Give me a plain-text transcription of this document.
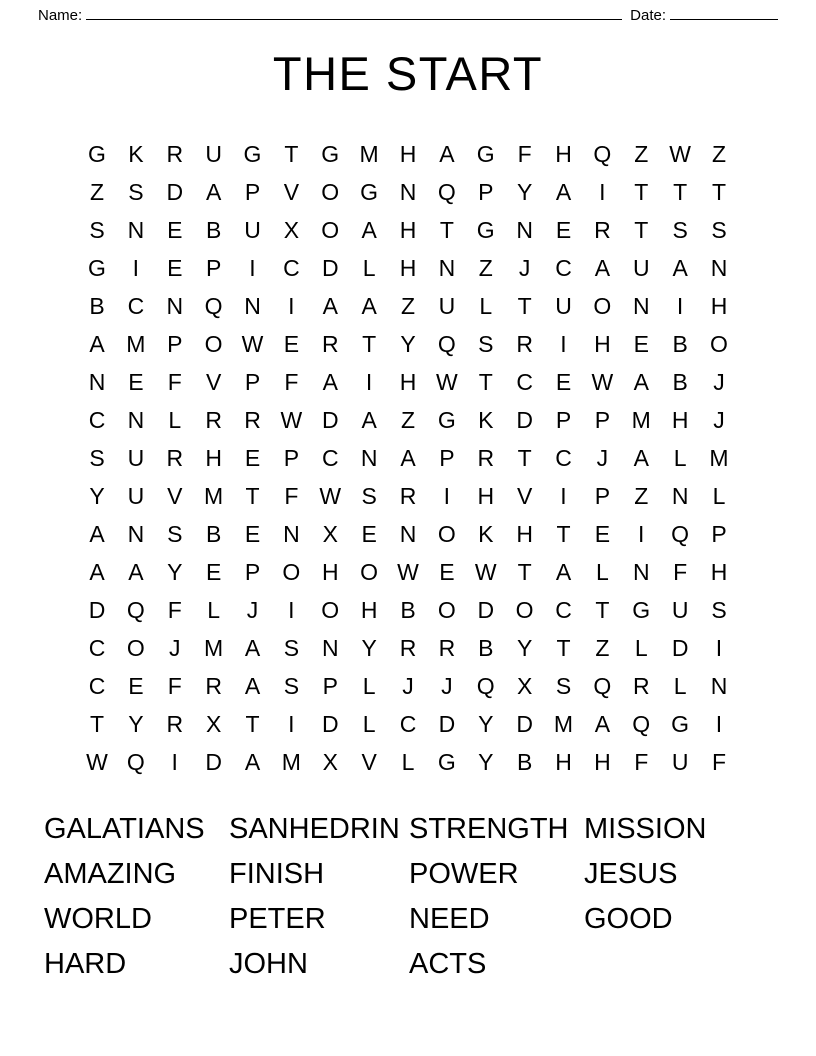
Name:	Date:
THE START
G K R U G T G M H A G F	H Q Z W Z
Z	S D A	P	V O G N Q P	Y	A	I	T	T	T
S N E	B U X O A H	T G N E R	T	S	S
G	I	E	P	I	C D	L	H N	Z	J	C A U A N
B C N Q N	I	A	A	Z	U	L	T	U O N	I	H
A M P O W E R	T	Y Q S R	I	H E	B O
N E	F	V	P	F	A	I	H W T	C E W A	B	J
C N	L	R R W D A	Z G K D P	P M H	J
S U R H E	P C N A	P R	T	C	J	A	L M
Y U V M T	F W S R	I	H V	I	P	Z	N	L
A N S	B	E N X	E N O K H	T	E	I	Q P
A	A	Y	E	P O H O W E W T	A	L	N	F	H
D Q F	L	J	I	O H B O D O C	T G U S
C O	J	M A	S N Y R R B	Y	T	Z	L	D	I
C E	F	R A	S	P	L	J	J	Q X	S Q R	L	N
T	Y R X	T	I	D	L	C D Y D M A Q G	I
W Q	I	D A M X	V	L	G Y	B H H	F	U	F
GALATIANS SANHEDRIN STRENGTH MISSION
AMAZING	FINISH	POWER	JESUS
WORLD	PETER	NEED	GOOD
HARD	JOHN	ACTS
